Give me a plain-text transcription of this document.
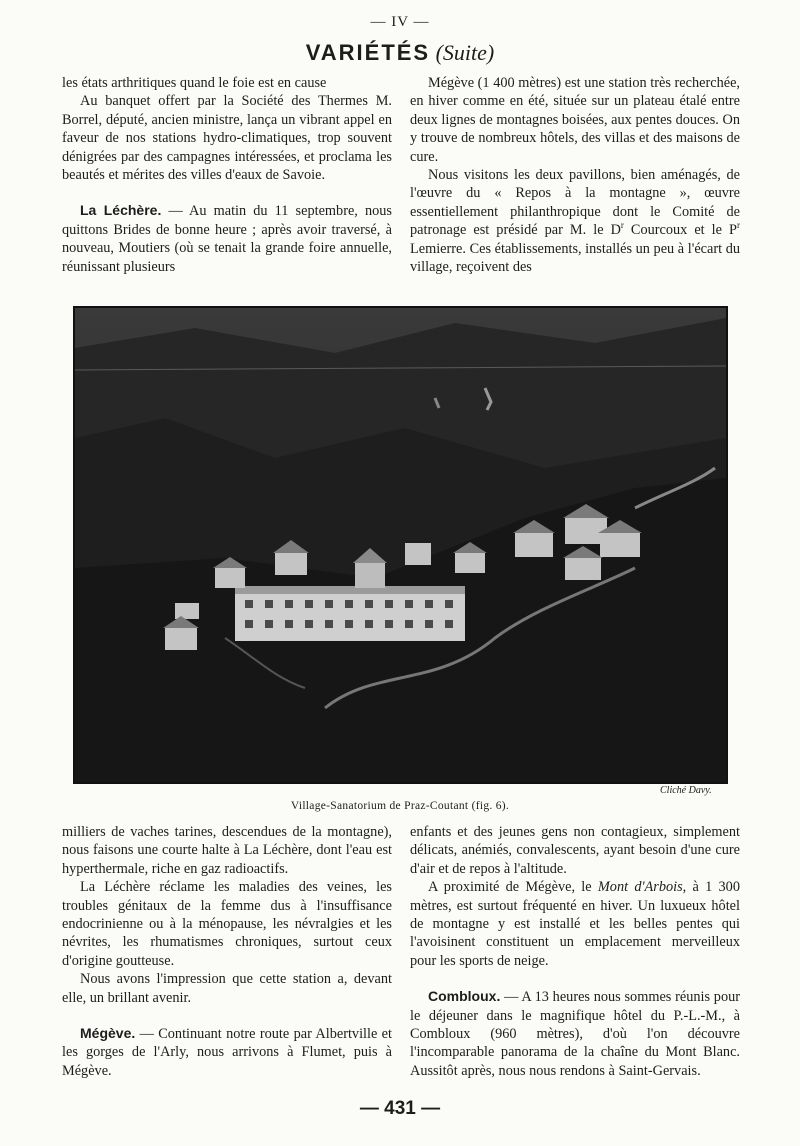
— IV —
VARIÉTÉS (Suite)

les états arthritiques quand le foie est en cause

Au banquet offert par la Société des Thermes M. Borrel, député, ancien ministre, lança un vibrant appel en faveur de nos stations hydro-climatiques, trop souvent dénigrées par des campagnes intéressées, et proclama les beautés et mérites des villes d'eaux de Savoie.

La Léchère. — Au matin du 11 septembre, nous quittons Brides de bonne heure ; après avoir traversé, à nouveau, Moutiers (où se tenait la grande foire annuelle, réunissant plusieurs

Mégève (1 400 mètres) est une station très recherchée, en hiver comme en été, située sur un plateau étalé entre deux lignes de montagnes boisées, aux pentes douces. On y trouve de nombreux hôtels, des villas et des maisons de cure.

Nous visitons les deux pavillons, bien aménagés, de l'œuvre du « Repos à la montagne », œuvre essentiellement philanthropique dont le Comité de patronage est présidé par M. le $D^r$ Courcoux et le $P^r$ Lemierre. Ces établissements, installés un peu à l'écart du village, reçoivent des

Cliché Davy.
Village-Sanatorium de Praz-Coutant (fig. 6).

milliers de vaches tarines, descendues de la montagne), nous faisons une courte halte à La Léchère, dont l'eau est hyperthermale, riche en gaz radioactifs.

La Léchère réclame les maladies des veines, les troubles génitaux de la femme dus à l'insuffisance endocrinienne ou à la ménopause, les névralgies et les névrites, les rhumatismes chroniques, surtout ceux d'origine goutteuse.

Nous avons l'impression que cette station a, devant elle, un brillant avenir.

Mégève. — Continuant notre route par Albertville et les gorges de l'Arly, nous arrivons à Flumet, puis à Mégève.

enfants et des jeunes gens non contagieux, simplement délicats, anémiés, convalescents, ayant besoin d'une cure d'air et de repos à l'altitude.

A proximité de Mégève, le Mont d'Arbois, à 1 300 mètres, est surtout fréquenté en hiver. Un luxueux hôtel de montagne y est installé et les belles pentes qui l'avoisinent constituent un emplacement merveilleux pour les sports de neige.

Combloux. — A 13 heures nous sommes réunis pour le déjeuner dans le magnifique hôtel du P.-L.-M., à Combloux (960 mètres), d'où l'on découvre l'incomparable panorama de la chaîne du Mont Blanc. Aussitôt après, nous nous rendons à Saint-Gervais.

— 431 —
